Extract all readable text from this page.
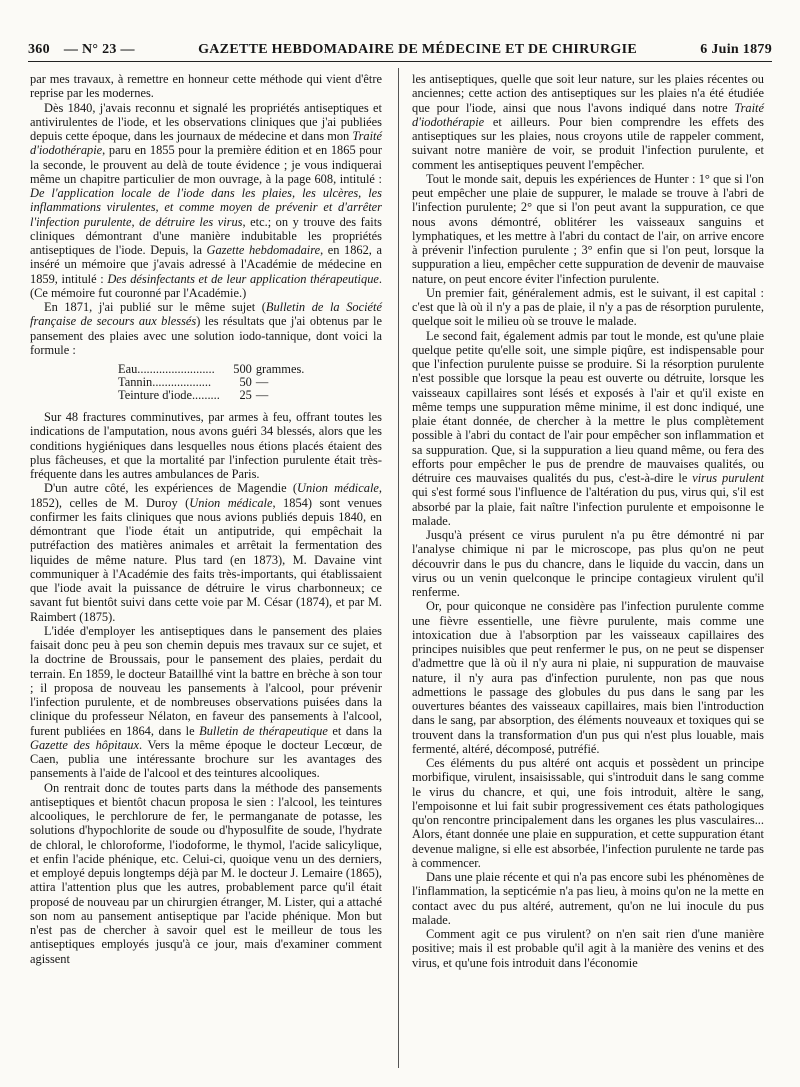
360 — N° 23 —	GAZETTE HEBDOMADAIRE DE MÉDECINE ET DE CHIRURGIE	6 Juin 1879

par mes travaux, à remettre en honneur cette méthode qui vient d'être reprise par les modernes.

Dès 1840, j'avais reconnu et signalé les propriétés antiseptiques et antivirulentes de l'iode, et les observations cliniques que j'ai publiées depuis cette époque, dans les journaux de médecine et dans mon Traité d'iodothérapie, paru en 1855 pour la première édition et en 1865 pour la seconde, le prouvent au delà de toute évidence ; je vous indiquerai même un chapitre particulier de mon ouvrage, à la page 608, intitulé : De l'application locale de l'iode dans les plaies, les ulcères, les inflammations virulentes, et comme moyen de prévenir et d'arrêter l'infection purulente, de détruire les virus, etc.; on y trouve des faits cliniques démontrant d'une manière indubitable les propriétés antiseptiques de l'iode. Depuis, la Gazette hebdomadaire, en 1862, a inséré un mémoire que j'avais adressé à l'Académie de médecine en 1859, intitulé : Des désinfectants et de leur application thérapeutique. (Ce mémoire fut couronné par l'Académie.)

En 1871, j'ai publié sur le même sujet (Bulletin de la Société française de secours aux blessés) les résultats que j'ai obtenus par le pansement des plaies avec une solution iodo-tannique, dont voici la formule :

Eau.........................	500	grammes.
Tannin...................	50	—
Teinture d'iode.........	25	—

Sur 48 fractures comminutives, par armes à feu, offrant toutes les indications de l'amputation, nous avons guéri 34 blessés, alors que les conditions hygiéniques dans lesquelles nous étions placés étaient des plus fâcheuses, et que la mortalité par l'infection purulente était très-fréquente dans les autres ambulances de Paris.

D'un autre côté, les expériences de Magendie (Union médicale, 1852), celles de M. Duroy (Union médicale, 1854) sont venues confirmer les faits cliniques que nous avions publiés depuis 1840, en démontrant que l'iode était un antiputride, qui empêchait la putréfaction des matières animales et arrêtait la fermentation des liquides de même nature. Plus tard (en 1873), M. Davaine vint communiquer à l'Académie des faits très-importants, qui établissaient que l'iode avait la puissance de détruire le virus charbonneux; ce savant fut bientôt suivi dans cette voie par M. César (1874), et par M. Raimbert (1875).

L'idée d'employer les antiseptiques dans le pansement des plaies faisait donc peu à peu son chemin depuis mes travaux sur ce sujet, et la doctrine de Broussais, pour le pansement des plaies, perdait du terrain. En 1859, le docteur Bataillhé vint la battre en brèche à son tour ; il proposa de nouveau les pansements à l'alcool, pour prévenir l'infection purulente, et de nombreuses observations puisées dans la clinique du professeur Nélaton, en faveur des pansements à l'alcool, furent publiées en 1864, dans le Bulletin de thérapeutique et dans la Gazette des hôpitaux. Vers la même époque le docteur Lecœur, de Caen, publia une intéressante brochure sur les avantages des pansements à l'aide de l'alcool et des teintures alcooliques.

On rentrait donc de toutes parts dans la méthode des pansements antiseptiques et bientôt chacun proposa le sien : l'alcool, les teintures alcooliques, le perchlorure de fer, le permanganate de potasse, les solutions d'hypochlorite de soude ou d'hyposulfite de soude, l'hydrate de chloral, le chloroforme, l'iodoforme, le thymol, l'acide salicylique, et enfin l'acide phénique, etc. Celui-ci, quoique venu un des derniers, et employé depuis longtemps déjà par M. le docteur J. Lemaire (1865), attira l'attention plus que les autres, probablement parce qu'il était proposé de nouveau par un chirurgien étranger, M. Lister, qui a attaché son nom au pansement antiseptique par l'acide phénique. Mon but n'est pas de chercher à savoir quel est le meilleur de tous les antiseptiques employés jusqu'à ce jour, mais d'examiner comment agissent

les antiseptiques, quelle que soit leur nature, sur les plaies récentes ou anciennes; cette action des antiseptiques sur les plaies n'a été étudiée que pour l'iode, ainsi que nous l'avons indiqué dans notre Traité d'iodothérapie et ailleurs. Pour bien comprendre les effets des antiseptiques sur les plaies, nous croyons utile de rappeler comment, suivant notre manière de voir, se produit l'infection purulente, et comment les antiseptiques peuvent l'empêcher.

Tout le monde sait, depuis les expériences de Hunter : 1° que si l'on peut empêcher une plaie de suppurer, le malade se trouve à l'abri de l'infection purulente; 2° que si l'on peut avant la suppuration, ce que nous avons démontré, oblitérer les vaisseaux sanguins et lymphatiques, et les mettre à l'abri du contact de l'air, on arrive encore à prévenir l'infection purulente ; 3° enfin que si l'on peut, lorsque la suppuration a lieu, empêcher cette suppuration de devenir de mauvaise nature, on peut encore éviter l'infection purulente.

Un premier fait, généralement admis, est le suivant, il est capital : c'est que là où il n'y a pas de plaie, il n'y a pas de résorption purulente, quelque soit le milieu où se trouve le malade.

Le second fait, également admis par tout le monde, est qu'une plaie quelque petite qu'elle soit, une simple piqûre, est indispensable pour que l'infection purulente puisse se produire. Si la résorption purulente n'est possible que lorsque la peau est ouverte ou détruite, lorsque les vaisseaux capillaires sont lésés et exposés à l'air et qu'il existe en même temps une suppuration même minime, il est donc indiqué, une plaie étant donnée, de chercher à la mettre le plus complètement possible à l'abri du contact de l'air pour empêcher son inflammation et sa suppuration. Que, si la suppuration a lieu quand même, ou fera des efforts pour empêcher le pus de prendre de mauvaises qualités, ou détruire ces mauvaises qualités du pus, c'est-à-dire le virus purulent qui s'est formé sous l'influence de l'altération du pus, virus qui, s'il est absorbé par la plaie, fait naître l'infection purulente et empoisonne le malade.

Jusqu'à présent ce virus purulent n'a pu être démontré ni par l'analyse chimique ni par le microscope, pas plus qu'on ne peut découvrir dans le pus du chancre, dans le liquide du vaccin, dans un virus ou un venin quelconque le principe contagieux virulent qu'il renferme.

Or, pour quiconque ne considère pas l'infection purulente comme une fièvre essentielle, une fièvre purulente, mais comme une intoxication due à l'absorption par les vaisseaux capillaires des principes nuisibles que peut renfermer le pus, on ne peut se dispenser d'admettre que là où il n'y aura ni plaie, ni suppuration de mauvaise nature, il n'y aura pas d'infection purulente, non pas que nous admettions le passage des globules du pus dans le sang par les ouvertures béantes des vaisseaux capillaires, mais bien l'introduction dans le sang, par absorption, des éléments nouveaux et toxiques qui se trouvent dans la transformation d'un pus qui n'est plus louable, mais fermenté, altéré, décomposé, putréfié.

Ces éléments du pus altéré ont acquis et possèdent un principe morbifique, virulent, insaisissable, qui s'introduit dans le sang comme le virus du chancre, et qui, une fois introduit, altère le sang, l'empoisonne et lui fait subir progressivement ces états pathologiques qu'on rencontre principalement dans les organes les plus vasculaires... Alors, étant donnée une plaie en suppuration, et cette suppuration étant devenue maligne, si elle est absorbée, l'infection purulente ne tarde pas à commencer.

Dans une plaie récente et qui n'a pas encore subi les phénomènes de l'inflammation, la septicémie n'a pas lieu, à moins qu'on ne la mette en contact avec du pus altéré, autrement, qu'on ne lui inocule du pus malade.

Comment agit ce pus virulent? on n'en sait rien d'une manière positive; mais il est probable qu'il agit à la manière des venins et des virus, et qu'une fois introduit dans l'économie
